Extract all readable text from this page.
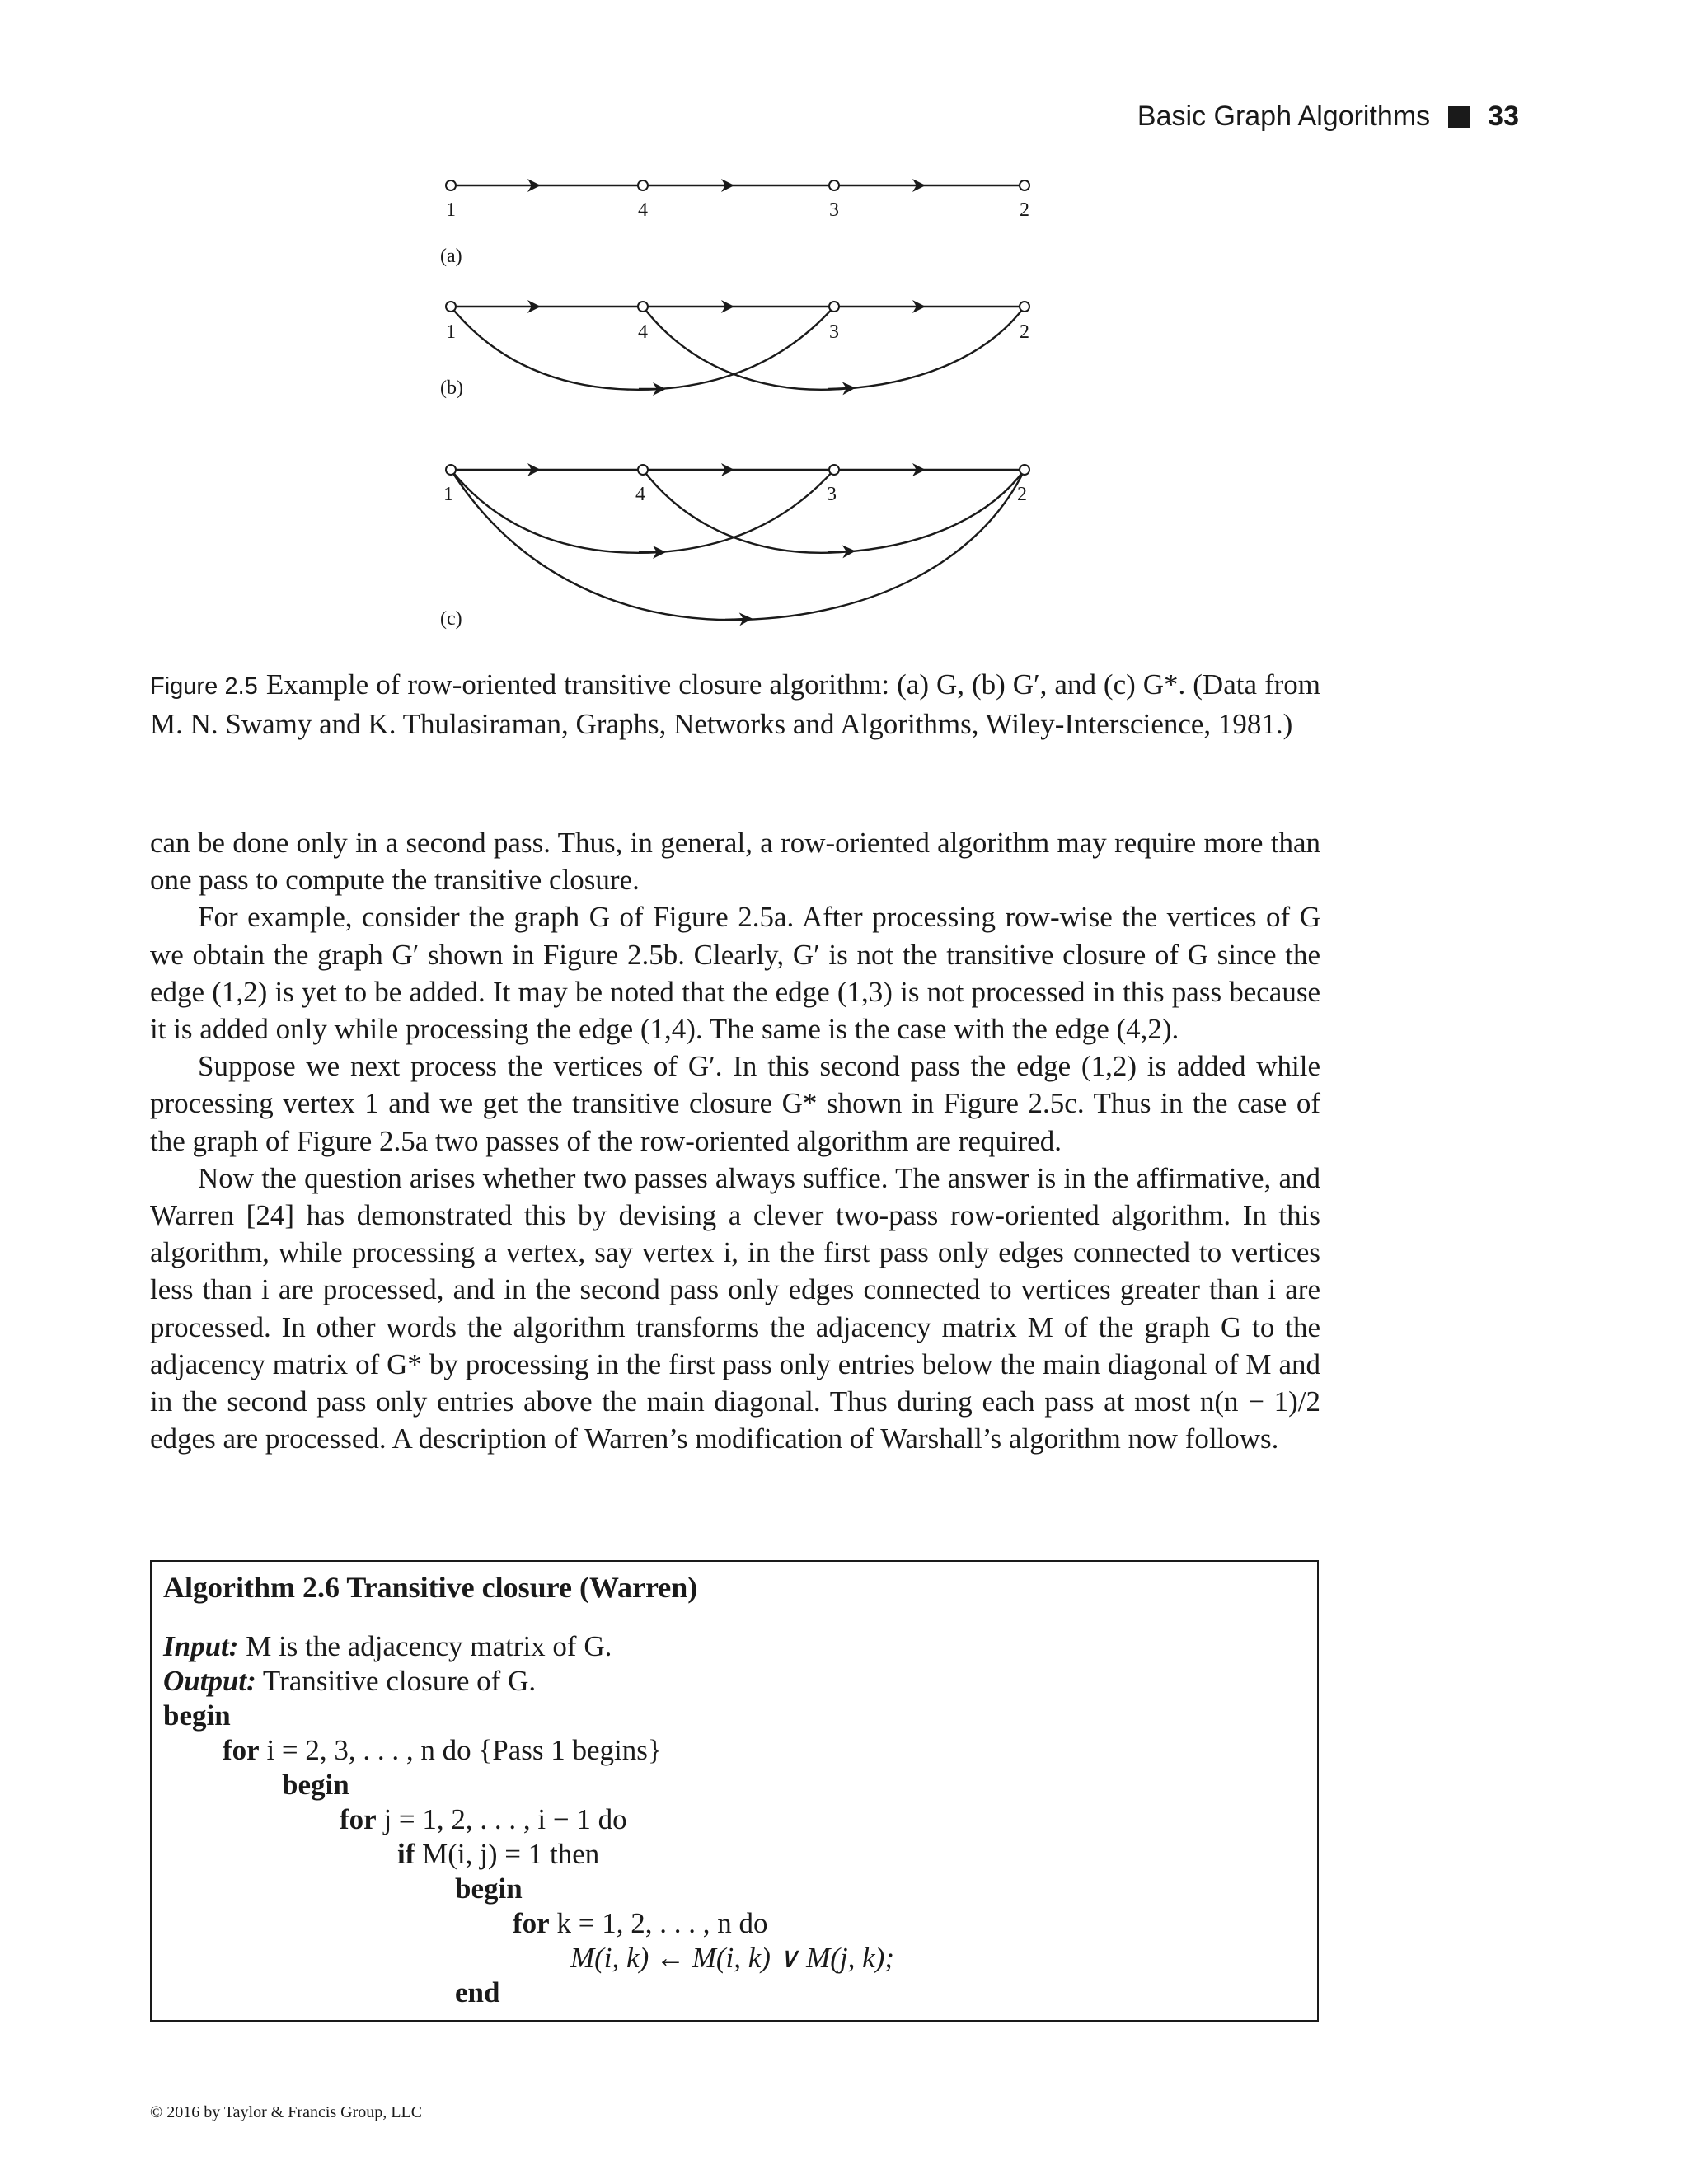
Basic Graph Algorithms 33
1	4	3	2
(a)
1	4	3	2
(b)
1	4	3	2
(c)
Figure 2.5 Example of row-oriented transitive closure algorithm: (a) G, (b) G′, and (c) G*. (Data from M. N. Swamy and K. Thulasiraman, Graphs, Networks and Algorithms, Wiley-Interscience, 1981.)

can be done only in a second pass. Thus, in general, a row-oriented algorithm may require more than one pass to compute the transitive closure.

For example, consider the graph G of Figure 2.5a. After processing row-wise the vertices of G we obtain the graph G′ shown in Figure 2.5b. Clearly, G′ is not the transitive closure of G since the edge (1,2) is yet to be added. It may be noted that the edge (1,3) is not processed in this pass because it is added only while processing the edge (1,4). The same is the case with the edge (4,2).

Suppose we next process the vertices of G′. In this second pass the edge (1,2) is added while processing vertex 1 and we get the transitive closure G* shown in Figure 2.5c. Thus in the case of the graph of Figure 2.5a two passes of the row-oriented algorithm are required.

Now the question arises whether two passes always suffice. The answer is in the affirmative, and Warren [24] has demonstrated this by devising a clever two-pass row-oriented algorithm. In this algorithm, while processing a vertex, say vertex i, in the first pass only edges connected to vertices less than i are processed, and in the second pass only edges connected to vertices greater than i are processed. In other words the algorithm transforms the adjacency matrix M of the graph G to the adjacency matrix of G* by processing in the first pass only entries below the main diagonal of M and in the second pass only entries above the main diagonal. Thus during each pass at most n(n − 1)/2 edges are processed. A description of Warren’s modification of Warshall’s algorithm now follows.

Algorithm 2.6 Transitive closure (Warren)
Input: M is the adjacency matrix of G.
Output: Transitive closure of G.
begin
for i = 2, 3, . . . , n do {Pass 1 begins}
begin
for j = 1, 2, . . . , i − 1 do
if M(i, j) = 1 then
begin
for k = 1, 2, . . . , n do
M(i, k) ← M(i, k) ∨ M(j, k);
end
© 2016 by Taylor & Francis Group, LLC
